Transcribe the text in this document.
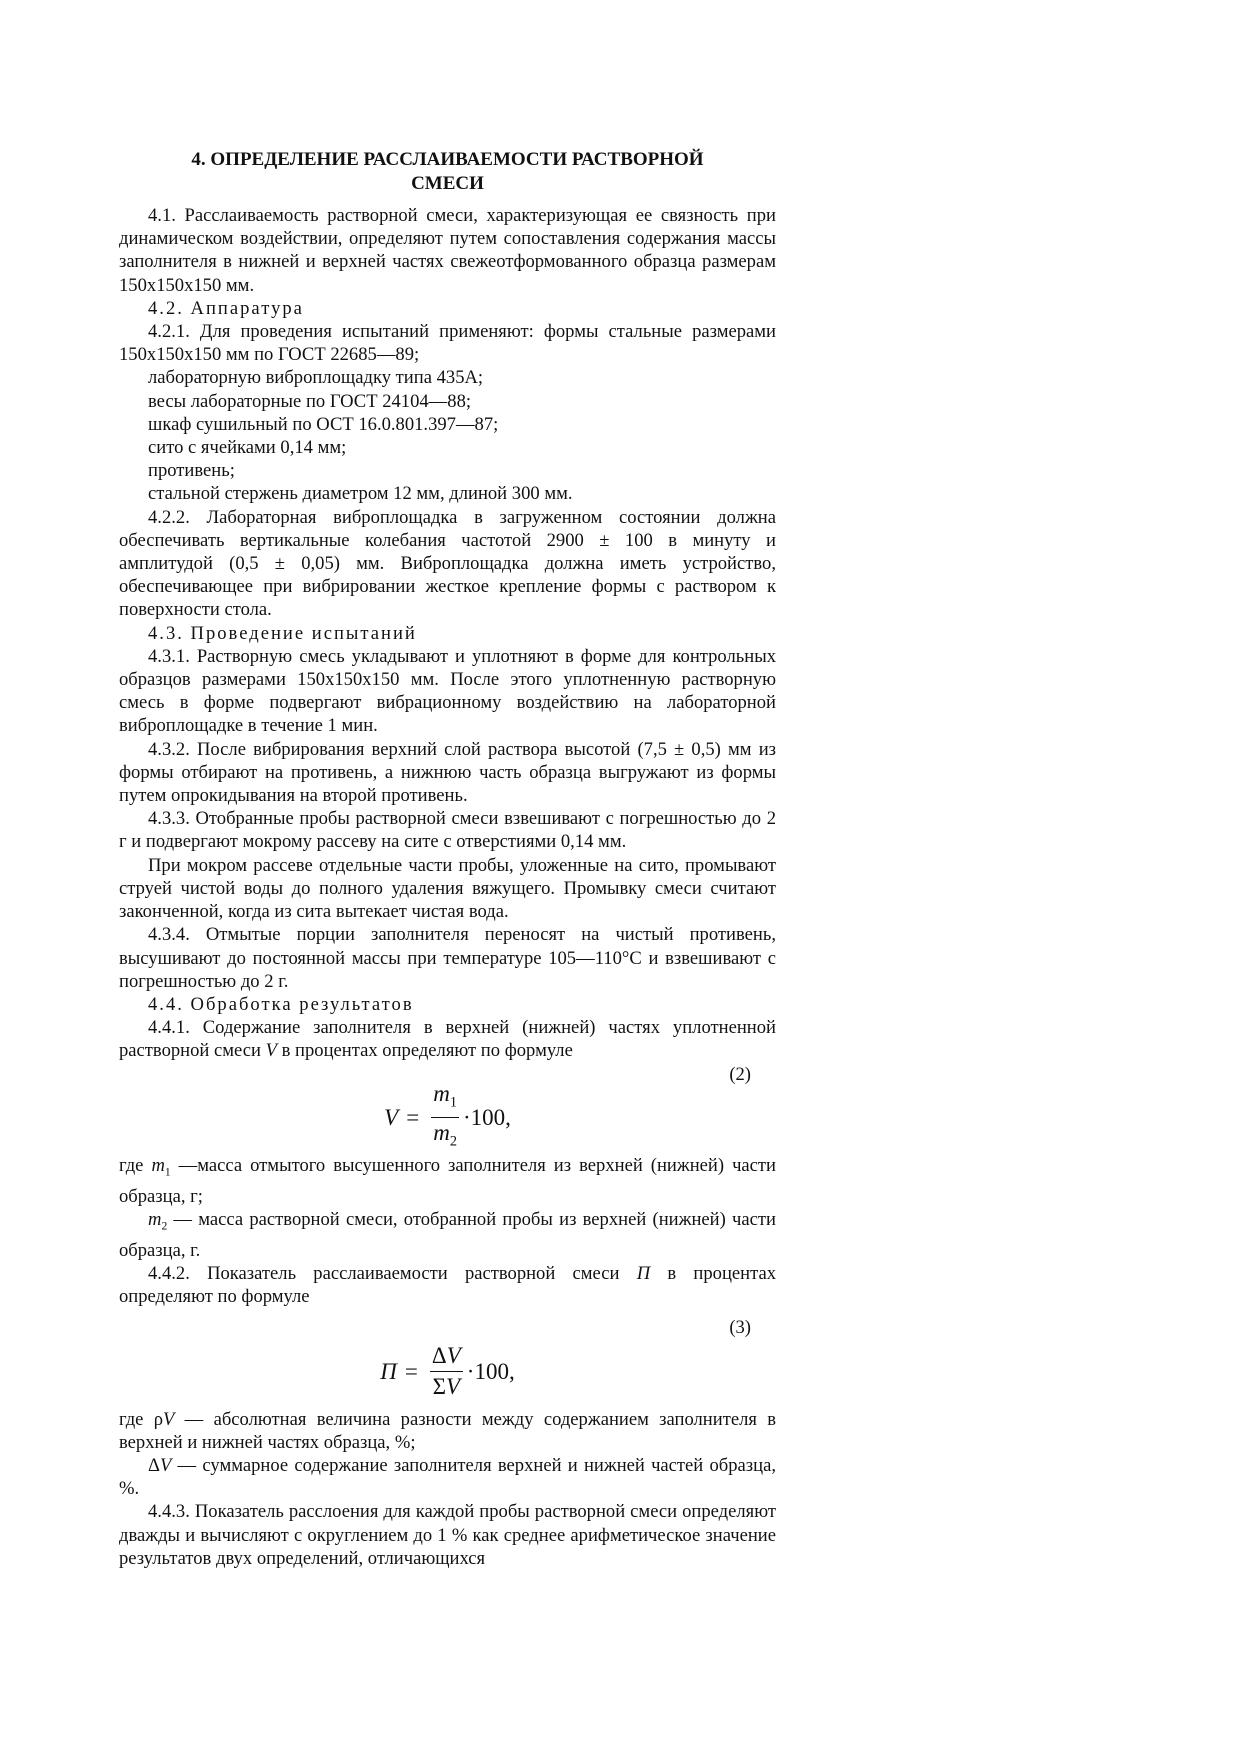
4. ОПРЕДЕЛЕНИЕ РАССЛАИВАЕМОСТИ РАСТВОРНОЙ
СМЕСИ

4.1. Расслаиваемость растворной смеси, характеризующая ее связность при динамическом воздействии, определяют путем сопоставления содержания массы заполнителя в нижней и верхней частях свежеотформованного образца размерам 150x150x150 мм.

4.2. Аппаратура

4.2.1. Для проведения испытаний применяют: формы стальные размерами 150x150x150 мм по ГОСТ 22685—89;

лабораторную виброплощадку типа 435А;

весы лабораторные по ГОСТ 24104—88;

шкаф сушильный по ОСТ 16.0.801.397—87;

сито с ячейками 0,14 мм;

противень;

стальной стержень диаметром 12 мм, длиной 300 мм.

4.2.2. Лабораторная виброплощадка в загруженном состоянии должна обеспечивать вертикальные колебания частотой 2900 ± 100 в минуту и амплитудой (0,5 ± 0,05) мм. Виброплощадка должна иметь устройство, обеспечивающее при вибрировании жесткое крепление формы с раствором к поверхности стола.

4.3. Проведение испытаний

4.3.1. Растворную смесь укладывают и уплотняют в форме для контрольных образцов размерами 150x150x150 мм. После этого уплотненную растворную смесь в форме подвергают вибрационному воздействию на лабораторной виброплощадке в течение 1 мин.

4.3.2. После вибрирования верхний слой раствора высотой (7,5 ± 0,5) мм из формы отбирают на противень, а нижнюю часть образца выгружают из формы путем опрокидывания на второй противень.

4.3.3. Отобранные пробы растворной смеси взвешивают с погрешностью до 2 г и подвергают мокрому рассеву на сите с отверстиями 0,14 мм.

При мокром рассеве отдельные части пробы, уложенные на сито, промывают струей чистой воды до полного удаления вяжущего. Промывку смеси считают законченной, когда из сита вытекает чистая вода.

4.3.4. Отмытые порции заполнителя переносят на чистый противень, высушивают до постоянной массы при температуре 105—110°С и взвешивают с погрешностью до 2 г.

4.4. Обработка результатов

4.4.1. Содержание заполнителя в верхней (нижней) частях уплотненной растворной смеси V в процентах определяют по формуле

(2)

$V = \frac{m_1}{m_2} \cdot 100$,

где $m_1$ —масса отмытого высушенного заполнителя из верхней (нижней) части образца, г;

$m_2$ — масса растворной смеси, отобранной пробы из верхней (нижней) части образца, г.

4.4.2. Показатель расслаиваемости растворной смеси П в процентах определяют по формуле

(3)

$П = \frac{\Delta V}{\Sigma V} \cdot 100$,

где ρV — абсолютная величина разности между содержанием заполнителя в верхней и нижней частях образца, %;

ΔV — суммарное содержание заполнителя верхней и нижней частей образца, %.

4.4.3. Показатель расслоения для каждой пробы растворной смеси определяют дважды и вычисляют с округлением до 1 % как среднее арифметическое значение результатов двух определений, отличающихся
